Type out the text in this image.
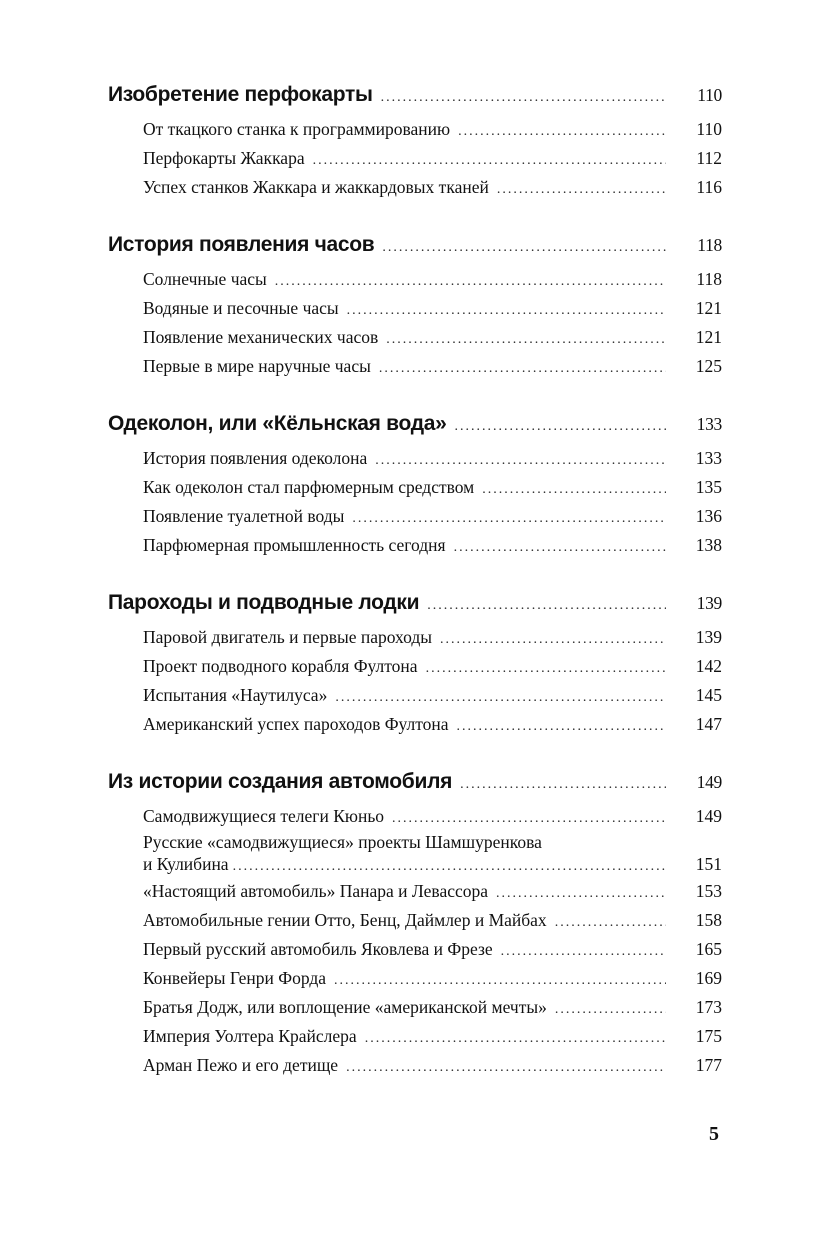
Изобретение перфокарты .....	110
От ткацкого станка к программированию .....	110
Перфокарты Жаккара .....	112
Успех станков Жаккара и жаккардовых тканей .....	116
История появления часов .....	118
Солнечные часы .....	118
Водяные и песочные часы .....	121
Появление механических часов .....	121
Первые в мире наручные часы .....	125
Одеколон, или «Кёльнская вода» .....	133
История появления одеколона .....	133
Как одеколон стал парфюмерным средством .....	135
Появление туалетной воды .....	136
Парфюмерная промышленность сегодня .....	138
Пароходы и подводные лодки .....	139
Паровой двигатель и первые пароходы .....	139
Проект подводного корабля Фултона .....	142
Испытания «Наутилуса» .....	145
Американский успех пароходов Фултона .....	147
Из истории создания автомобиля .....	149
Самодвижущиеся телеги Кюньо .....	149
Русские «самодвижущиеся» проекты Шамшуренкова
и Кулибина .....	151
«Настоящий автомобиль» Панара и Левассора .....	153
Автомобильные гении Отто, Бенц, Даймлер и Майбах .....	158
Первый русский автомобиль Яковлева и Фрезе .....	165
Конвейеры Генри Форда .....	169
Братья Додж, или воплощение «американской мечты» .....	173
Империя Уолтера Крайслера .....	175
Арман Пежо и его детище .....	177
5
